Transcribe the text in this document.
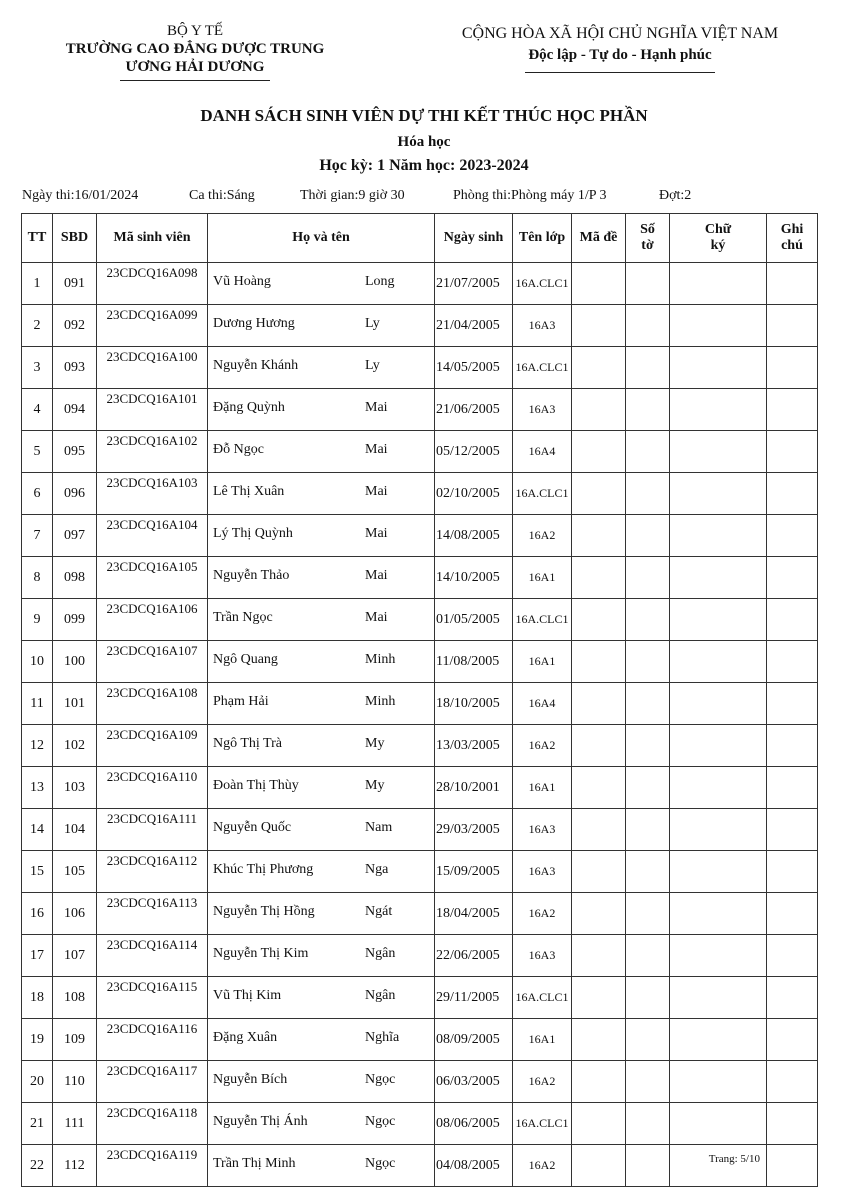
BỘ Y TẾ
TRƯỜNG CAO ĐẲNG DƯỢC TRUNG
ƯƠNG HẢI DƯƠNG
CỘNG HÒA XÃ HỘI CHỦ NGHĨA VIỆT NAM
Độc lập - Tự do - Hạnh phúc
DANH SÁCH SINH VIÊN DỰ THI KẾT THÚC HỌC PHẦN
Hóa học
Học kỳ: 1 Năm học: 2023-2024
Ngày thi:16/01/2024	Ca thi:Sáng	Thời gian:9 giờ 30	Phòng thi:Phòng máy 1/P 3	Đợt:2
TT	SBD	Mã sinh viên	Họ và tên	Ngày sinh	Tên lớp	Mã đề	Số tờ	Chữ ký	Ghi chú
1	091	23CDCQ16A098	Vũ Hoàng Long	21/07/2005	16A.CLC1				
2	092	23CDCQ16A099	Dương Hương Ly	21/04/2005	16A3				
3	093	23CDCQ16A100	Nguyễn Khánh Ly	14/05/2005	16A.CLC1				
4	094	23CDCQ16A101	Đặng Quỳnh Mai	21/06/2005	16A3				
5	095	23CDCQ16A102	Đỗ Ngọc Mai	05/12/2005	16A4				
6	096	23CDCQ16A103	Lê Thị Xuân Mai	02/10/2005	16A.CLC1				
7	097	23CDCQ16A104	Lý Thị Quỳnh Mai	14/08/2005	16A2				
8	098	23CDCQ16A105	Nguyễn Thảo Mai	14/10/2005	16A1				
9	099	23CDCQ16A106	Trần Ngọc Mai	01/05/2005	16A.CLC1				
10	100	23CDCQ16A107	Ngô Quang Minh	11/08/2005	16A1				
11	101	23CDCQ16A108	Phạm Hải Minh	18/10/2005	16A4				
12	102	23CDCQ16A109	Ngô Thị Trà My	13/03/2005	16A2				
13	103	23CDCQ16A110	Đoàn Thị Thùy My	28/10/2001	16A1				
14	104	23CDCQ16A111	Nguyễn Quốc Nam	29/03/2005	16A3				
15	105	23CDCQ16A112	Khúc Thị Phương Nga	15/09/2005	16A3				
16	106	23CDCQ16A113	Nguyễn Thị Hồng Ngát	18/04/2005	16A2				
17	107	23CDCQ16A114	Nguyễn Thị Kim Ngân	22/06/2005	16A3				
18	108	23CDCQ16A115	Vũ Thị Kim Ngân	29/11/2005	16A.CLC1				
19	109	23CDCQ16A116	Đặng Xuân Nghĩa	08/09/2005	16A1				
20	110	23CDCQ16A117	Nguyễn Bích Ngọc	06/03/2005	16A2				
21	111	23CDCQ16A118	Nguyễn Thị Ánh Ngọc	08/06/2005	16A.CLC1				
22	112	23CDCQ16A119	Trần Thị Minh Ngọc	04/08/2005	16A2					Trang: 5/10
